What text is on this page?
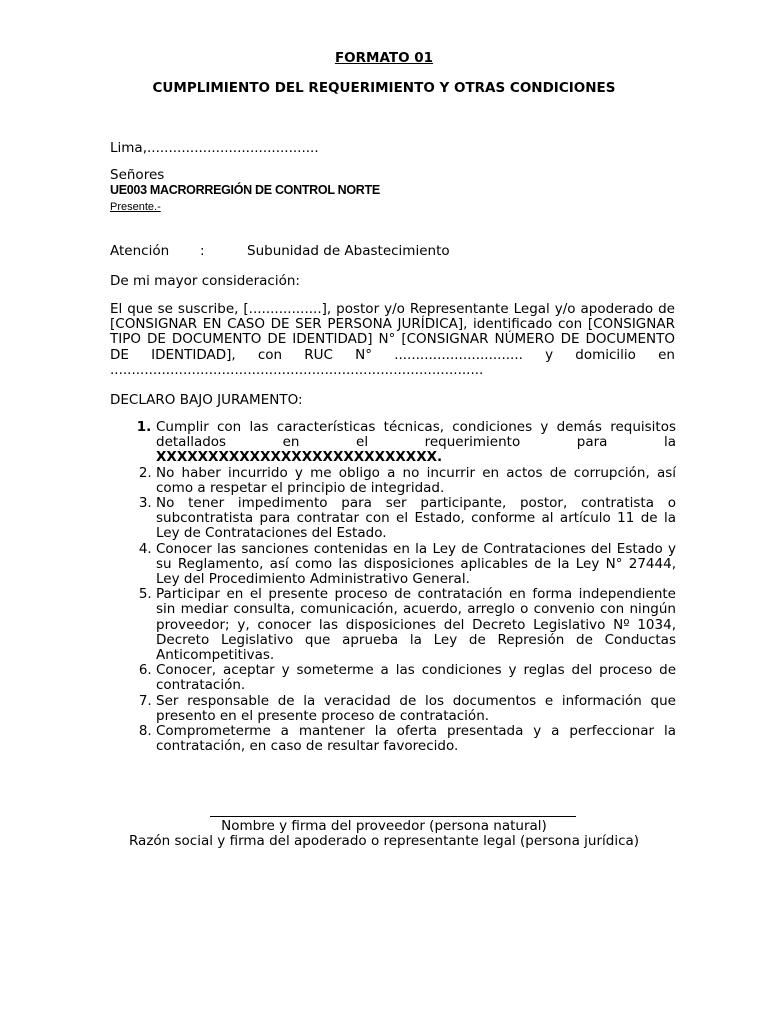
FORMATO 01

CUMPLIMIENTO DEL REQUERIMIENTO Y OTRAS CONDICIONES

Lima,........................................

Señores

UE003 MACRORREGIÓN DE CONTROL NORTE

Presente.-

Atención :	Subunidad de Abastecimiento

De mi mayor consideración:

El que se suscribe, [.................], postor y/o Representante Legal y/o apoderado de [CONSIGNAR EN CASO DE SER PERSONA JURÍDICA], identificado con [CONSIGNAR TIPO DE DOCUMENTO DE IDENTIDAD] N° [CONSIGNAR NÚMERO DE DOCUMENTO DE IDENTIDAD], con RUC N° .............................. y domicilio en .......................................................................................

DECLARO BAJO JURAMENTO:

1. Cumplir con las características técnicas, condiciones y demás requisitos detallados en el requerimiento para la XXXXXXXXXXXXXXXXXXXXXXXXXXX.
2. No haber incurrido y me obligo a no incurrir en actos de corrupción, así como a respetar el principio de integridad.
3. No tener impedimento para ser participante, postor, contratista o subcontratista para contratar con el Estado, conforme al artículo 11 de la Ley de Contrataciones del Estado.
4. Conocer las sanciones contenidas en la Ley de Contrataciones del Estado y su Reglamento, así como las disposiciones aplicables de la Ley N° 27444, Ley del Procedimiento Administrativo General.
5. Participar en el presente proceso de contratación en forma independiente sin mediar consulta, comunicación, acuerdo, arreglo o convenio con ningún proveedor; y, conocer las disposiciones del Decreto Legislativo Nº 1034, Decreto Legislativo que aprueba la Ley de Represión de Conductas Anticompetitivas.
6. Conocer, aceptar y someterme a las condiciones y reglas del proceso de contratación.
7. Ser responsable de la veracidad de los documentos e información que presento en el presente proceso de contratación.
8. Comprometerme a mantener la oferta presentada y a perfeccionar la contratación, en caso de resultar favorecido.

Nombre y firma del proveedor (persona natural)

Razón social y firma del apoderado o representante legal (persona jurídica)
